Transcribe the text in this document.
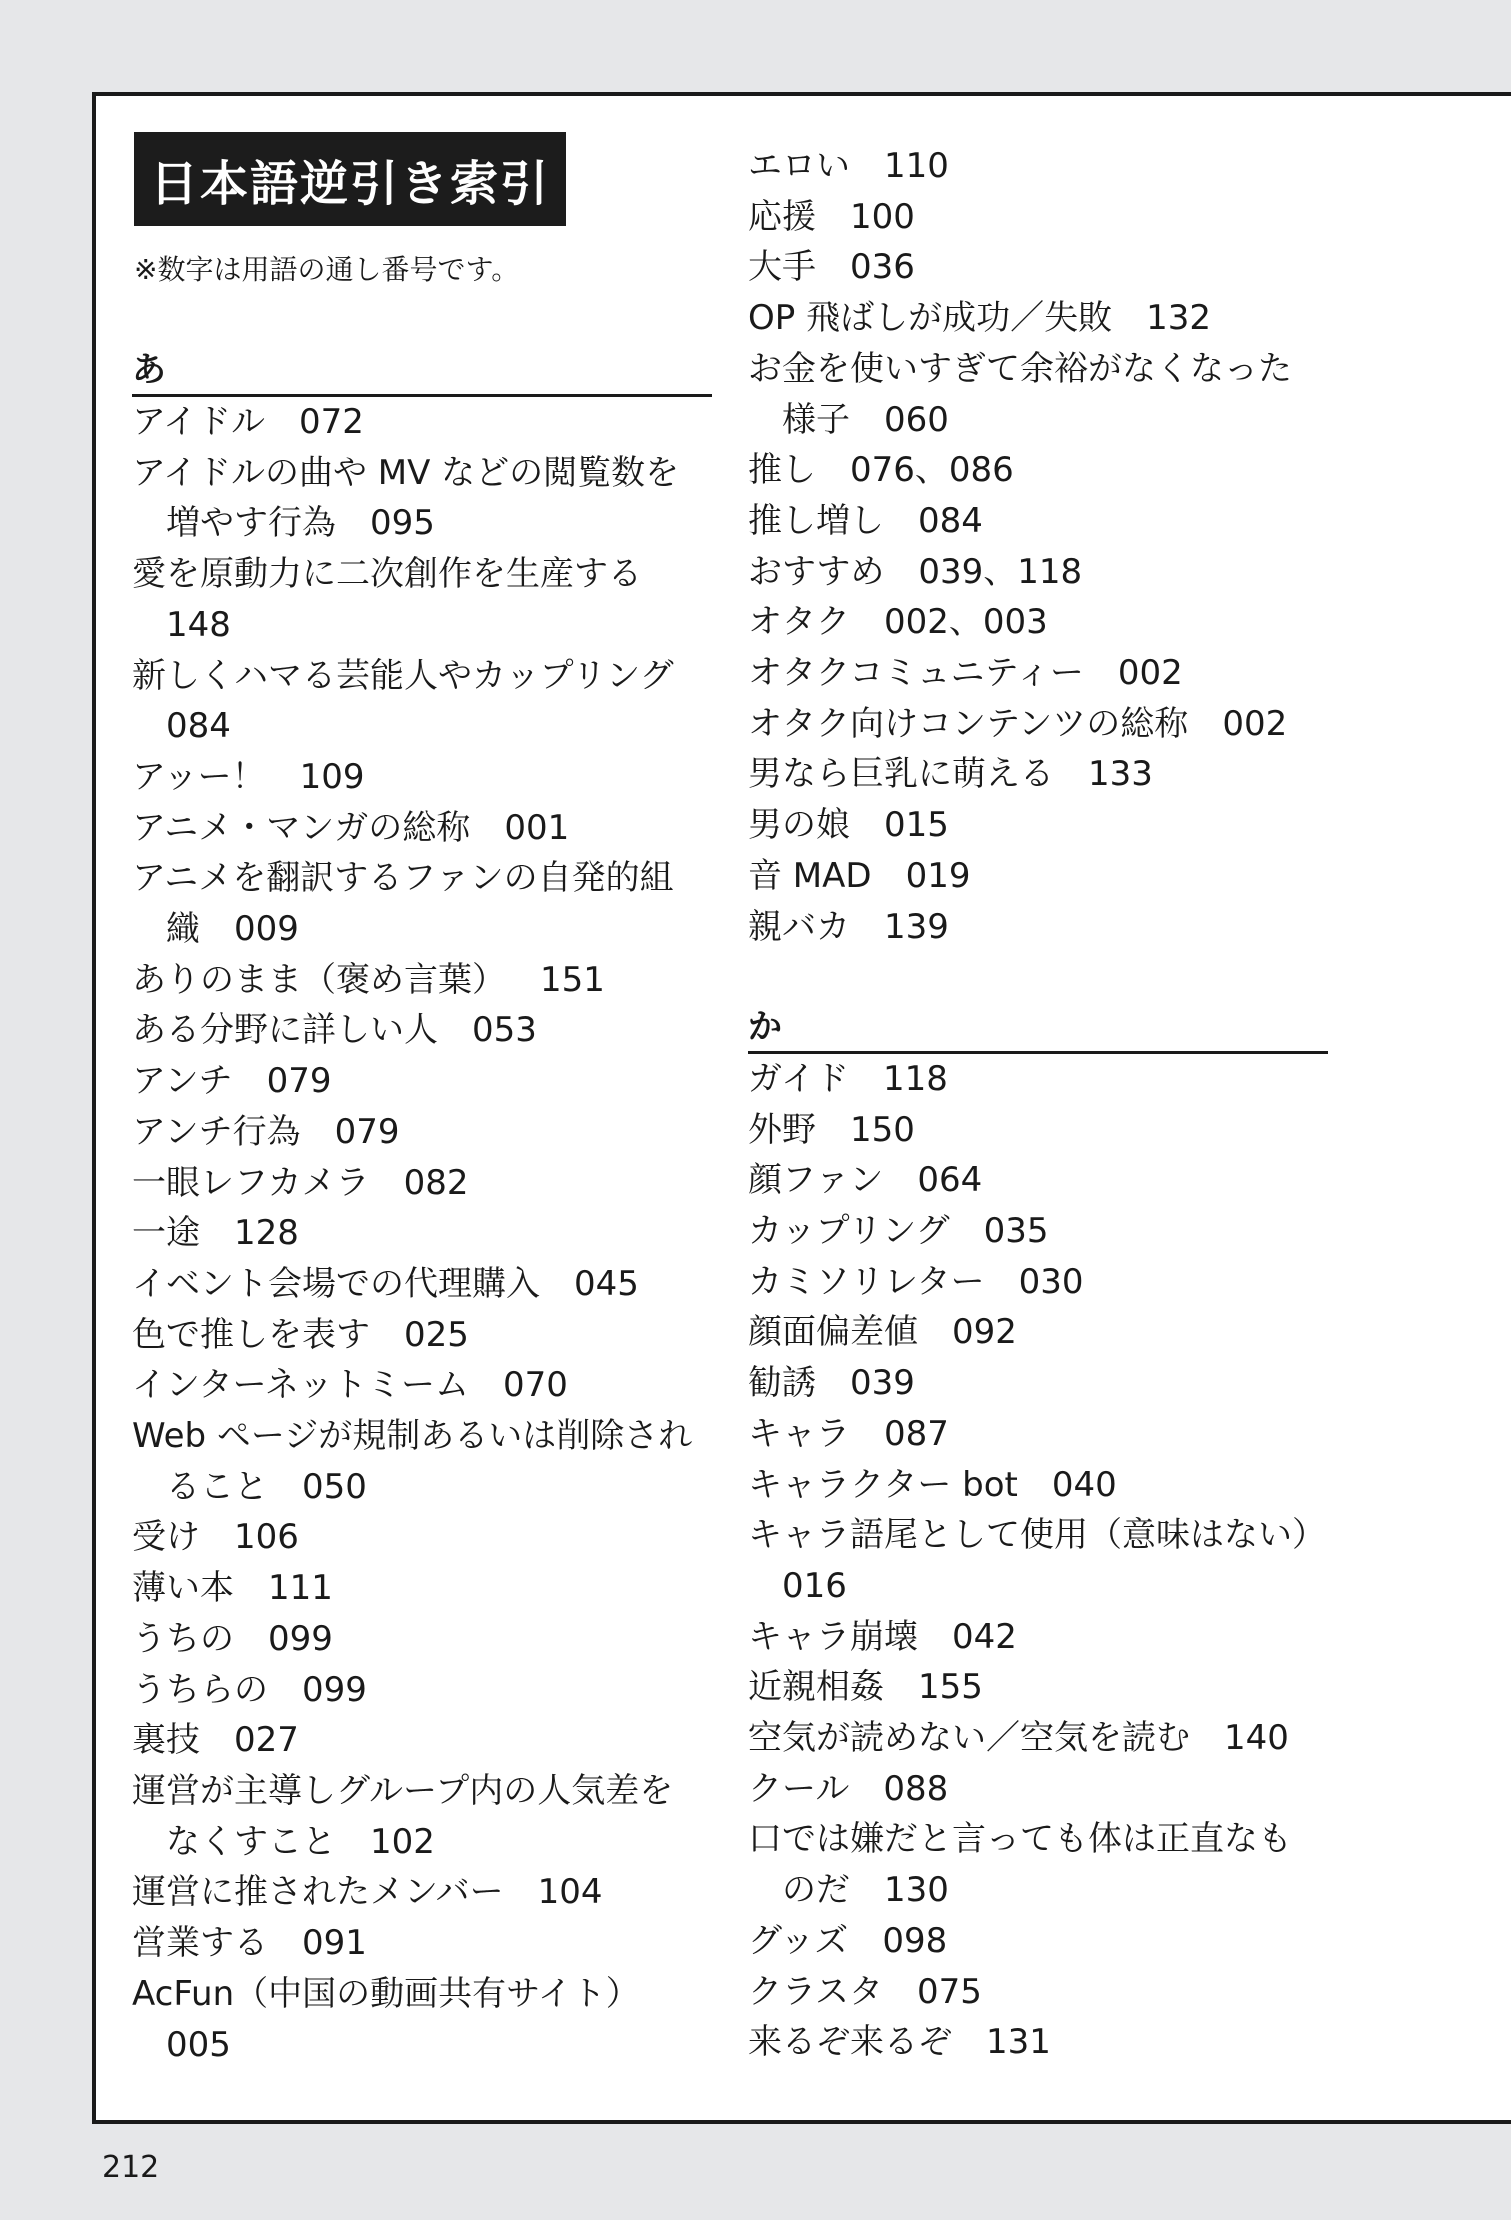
日本語逆引き索引
※数字は用語の通し番号です。
あ
アイドル 072
アイドルの曲や MV などの閲覧数を
増やす行為 095
愛を原動力に二次創作を生産する
148
新しくハマる芸能人やカップリング
084
アッー！ 109
アニメ・マンガの総称 001
アニメを翻訳するファンの自発的組
織 009
ありのまま（褒め言葉） 151
ある分野に詳しい人 053
アンチ 079
アンチ行為 079
一眼レフカメラ 082
一途 128
イベント会場での代理購入 045
色で推しを表す 025
インターネットミーム 070
Web ページが規制あるいは削除され
ること 050
受け 106
薄い本 111
うちの 099
うちらの 099
裏技 027
運営が主導しグループ内の人気差を
なくすこと 102
運営に推されたメンバー 104
営業する 091
AcFun（中国の動画共有サイト）
005
エロい 110
応援 100
大手 036
OP 飛ばしが成功／失敗 132
お金を使いすぎて余裕がなくなった
様子 060
推し 076、086
推し増し 084
おすすめ 039、118
オタク 002、003
オタクコミュニティー 002
オタク向けコンテンツの総称 002
男なら巨乳に萌える 133
男の娘 015
音 MAD 019
親バカ 139
か
ガイド 118
外野 150
顔ファン 064
カップリング 035
カミソリレター 030
顔面偏差値 092
勧誘 039
キャラ 087
キャラクター bot 040
キャラ語尾として使用（意味はない）
016
キャラ崩壊 042
近親相姦 155
空気が読めない／空気を読む 140
クール 088
口では嫌だと言っても体は正直なも
のだ 130
グッズ 098
クラスタ 075
来るぞ来るぞ 131
212
